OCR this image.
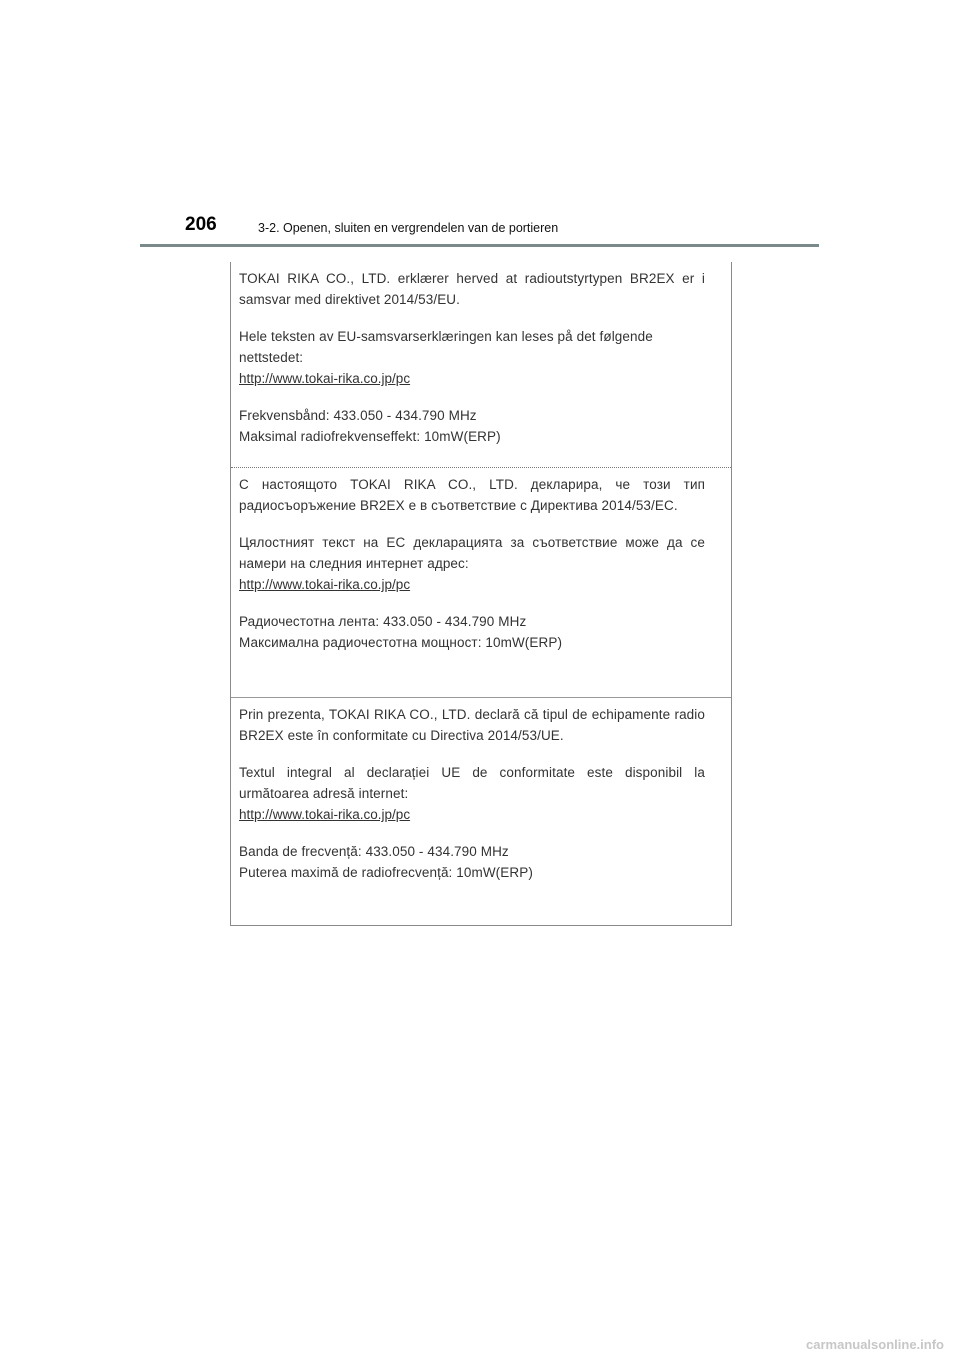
206	3-2. Openen, sluiten en vergrendelen van de portieren

TOKAI RIKA CO., LTD. erklærer herved at radioutstyrtypen BR2EX er i samsvar med direktivet 2014/53/EU.

Hele teksten av EU-samsvarserklæringen kan leses på det følgende nettstedet:

http://www.tokai-rika.co.jp/pc

Frekvensbånd: 433.050 - 434.790 MHz

Maksimal radiofrekvenseffekt: 10mW(ERP)

С настоящото TOKAI RIKA CO., LTD. декларира, че този тип радиосъоръжение BR2EX е в съответствие с Директива 2014/53/ЕС.

Цялостният текст на ЕС декларацията за съответствие може да се намери на следния интернет адрес:

http://www.tokai-rika.co.jp/pc

Радиочестотна лента: 433.050 - 434.790 MHz

Максимална радиочестотна мощност: 10mW(ERP)

Prin prezenta, TOKAI RIKA CO., LTD. declară că tipul de echipamente radio BR2EX este în conformitate cu Directiva 2014/53/UE.

Textul integral al declarației UE de conformitate este disponibil la următoarea adresă internet:

http://www.tokai-rika.co.jp/pc

Banda de frecvență: 433.050 - 434.790 MHz

Puterea maximă de radiofrecvență: 10mW(ERP)

carmanualsonline.info
